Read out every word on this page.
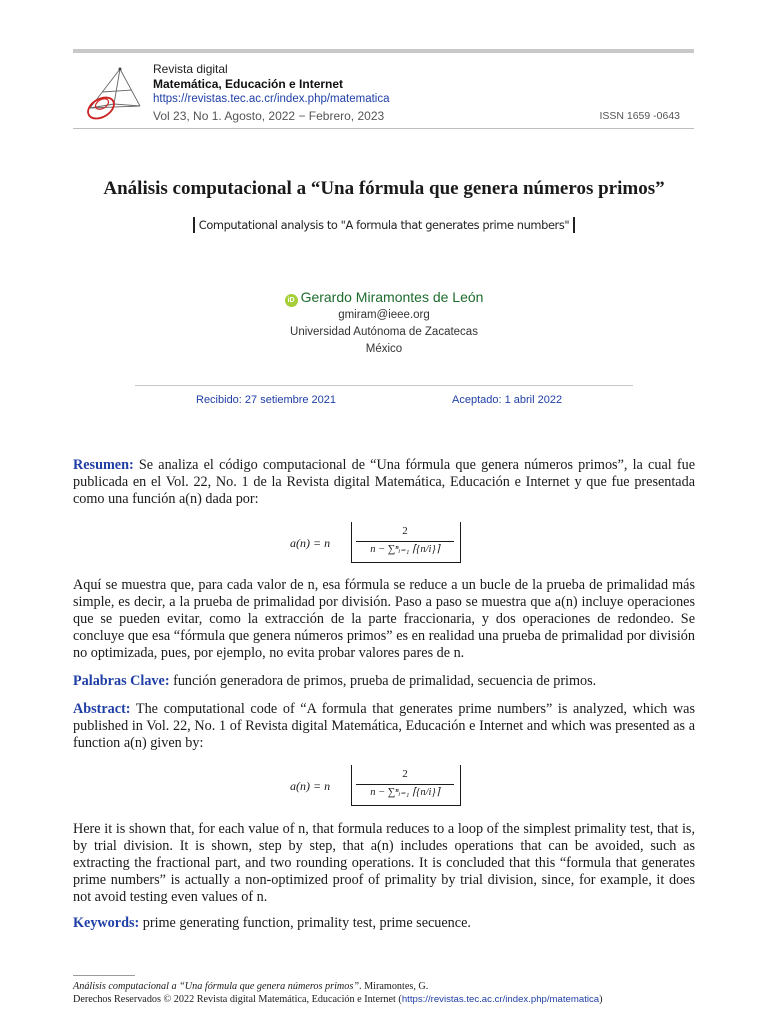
Revista digital
Matemática, Educación e Internet
https://revistas.tec.ac.cr/index.php/matematica
Vol 23, No 1. Agosto, 2022 − Febrero, 2023	ISSN 1659 -0643
Análisis computacional a “Una fórmula que genera números primos”
Computational analysis to "A formula that generates prime numbers"
iD Gerardo Miramontes de León
gmiram@ieee.org
Universidad Autónoma de Zacatecas
México
Recibido: 27 setiembre 2021	Aceptado: 1 abril 2022
Resumen: Se analiza el código computacional de “Una fórmula que genera números primos”, la cual fue publicada en el Vol. 22, No. 1 de la Revista digital Matemática, Educación e Internet y que fue presentada como una función a(n) dada por:
a(n) = n
2
n − ∑ⁿᵢ₌₁ ⌈{n/i}⌉
Aquí se muestra que, para cada valor de n, esa fórmula se reduce a un bucle de la prueba de primalidad más simple, es decir, a la prueba de primalidad por división. Paso a paso se muestra que a(n) incluye operaciones que se pueden evitar, como la extracción de la parte fraccionaria, y dos operaciones de redondeo. Se concluye que esa “fórmula que genera números primos” es en realidad una prueba de primalidad por división no optimizada, pues, por ejemplo, no evita probar valores pares de n.
Palabras Clave: función generadora de primos, prueba de primalidad, secuencia de primos.
Abstract: The computational code of “A formula that generates prime numbers” is analyzed, which was published in Vol. 22, No. 1 of Revista digital Matemática, Educación e Internet and which was presented as a function a(n) given by:
a(n) = n
2
n − ∑ⁿᵢ₌₁ ⌈{n/i}⌉
Here it is shown that, for each value of n, that formula reduces to a loop of the simplest primality test, that is, by trial division. It is shown, step by step, that a(n) includes operations that can be avoided, such as extracting the fractional part, and two rounding operations. It is concluded that this “formula that generates prime numbers” is actually a non-optimized proof of primality by trial division, since, for example, it does not avoid testing even values of n.
Keywords: prime generating function, primality test, prime secuence.
Análisis computacional a “Una fórmula que genera números primos”. Miramontes, G.
Derechos Reservados © 2022 Revista digital Matemática, Educación e Internet (https://revistas.tec.ac.cr/index.php/matematica)
